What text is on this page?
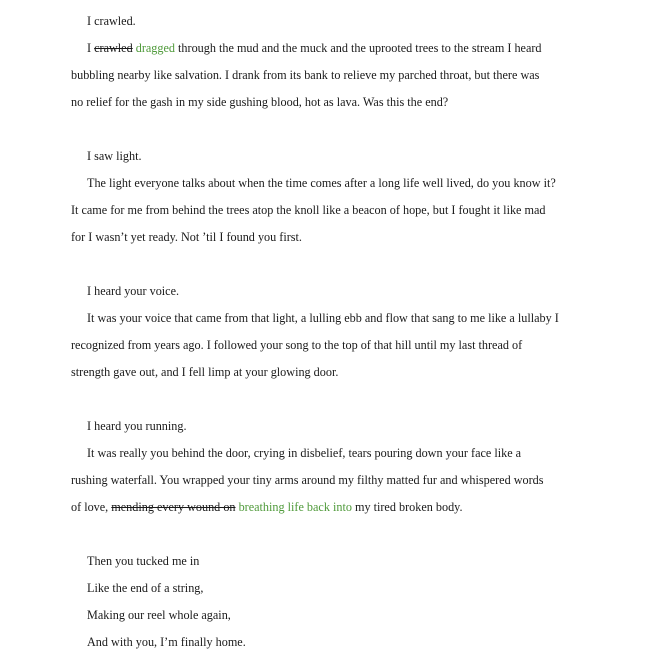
I crawled.
I crawled dragged through the mud and the muck and the uprooted trees to the stream I heard
bubbling nearby like salvation. I drank from its bank to relieve my parched throat, but there was
no relief for the gash in my side gushing blood, hot as lava. Was this the end?
I saw light.
The light everyone talks about when the time comes after a long life well lived, do you know it?
It came for me from behind the trees atop the knoll like a beacon of hope, but I fought it like mad
for I wasn’t yet ready. Not ’til I found you first.
I heard your voice.
It was your voice that came from that light, a lulling ebb and flow that sang to me like a lullaby I
recognized from years ago. I followed your song to the top of that hill until my last thread of
strength gave out, and I fell limp at your glowing door.
I heard you running.
It was really you behind the door, crying in disbelief, tears pouring down your face like a
rushing waterfall. You wrapped your tiny arms around my filthy matted fur and whispered words
of love, mending every wound on breathing life back into my tired broken body.
Then you tucked me in
Like the end of a string,
Making our reel whole again,
And with you, I’m finally home.
